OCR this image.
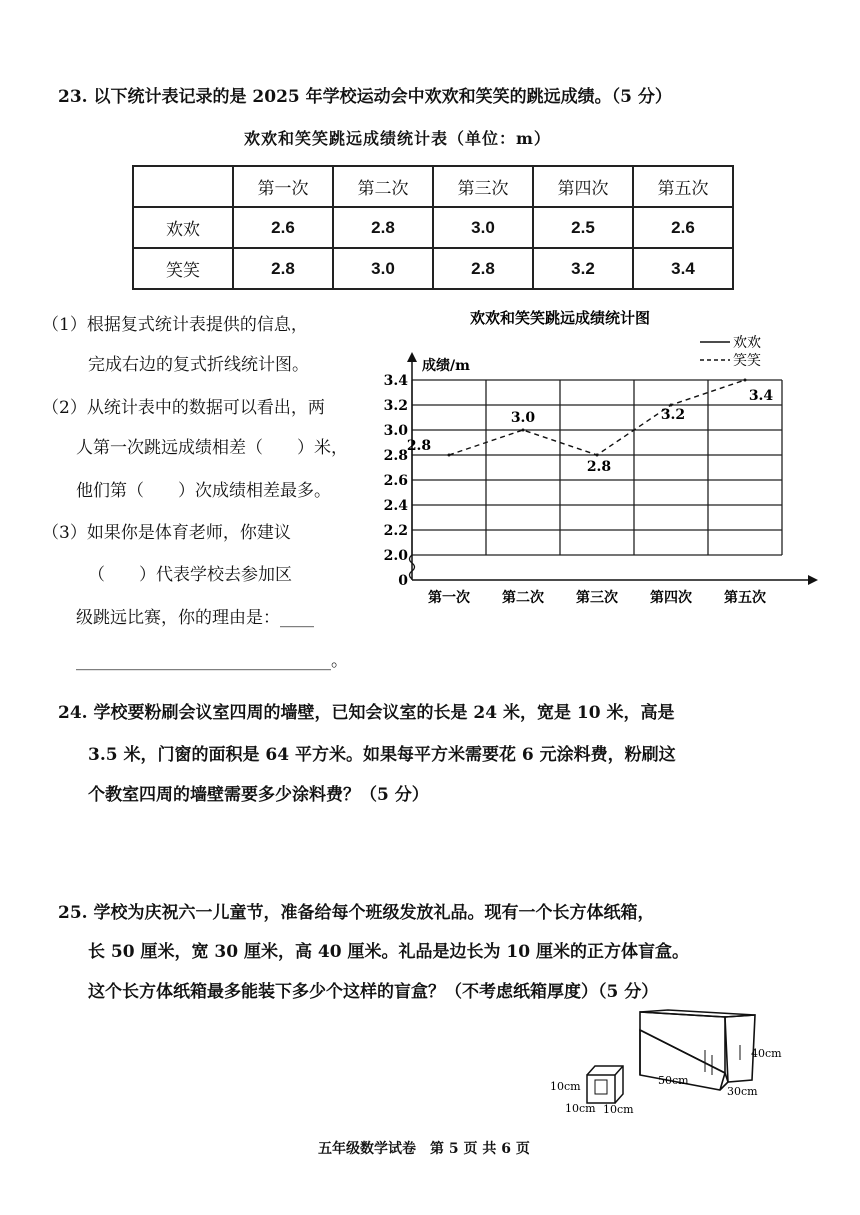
23. 以下统计表记录的是 2025 年学校运动会中欢欢和笑笑的跳远成绩。（5 分）
欢欢和笑笑跳远成绩统计表（单位：m）
	第一次	第二次	第三次	第四次	第五次
欢欢	2.6	2.8	3.0	2.5	2.6
笑笑	2.8	3.0	2.8	3.2	3.4
（1）根据复式统计表提供的信息，
完成右边的复式折线统计图。
（2）从统计表中的数据可以看出，两
人第一次跳远成绩相差（　　）米，
他们第（　　）次成绩相差最多。
（3）如果你是体育老师，你建议
（　　）代表学校去参加区
级跳远比赛，你的理由是：____
______________________________。
欢欢和笑笑跳远成绩统计图
欢欢
笑笑
成绩/m
0
2.0
2.2
2.4
2.6
2.8
3.0
3.2
3.4
第一次 第二次 第三次 第四次 第五次
2.8
3.0
2.8
3.2
3.4
24. 学校要粉刷会议室四周的墙壁，已知会议室的长是 24 米，宽是 10 米，高是
3.5 米，门窗的面积是 64 平方米。如果每平方米需要花 6 元涂料费，粉刷这
个教室四周的墙壁需要多少涂料费？（5 分）
25. 学校为庆祝六一儿童节，准备给每个班级发放礼品。现有一个长方体纸箱，
长 50 厘米，宽 30 厘米，高 40 厘米。礼品是边长为 10 厘米的正方体盲盒。
这个长方体纸箱最多能装下多少个这样的盲盒？（不考虑纸箱厚度）（5 分）
10cm
10cm 10cm
40cm
50cm
30cm
五年级数学试卷　第 5 页 共 6 页
